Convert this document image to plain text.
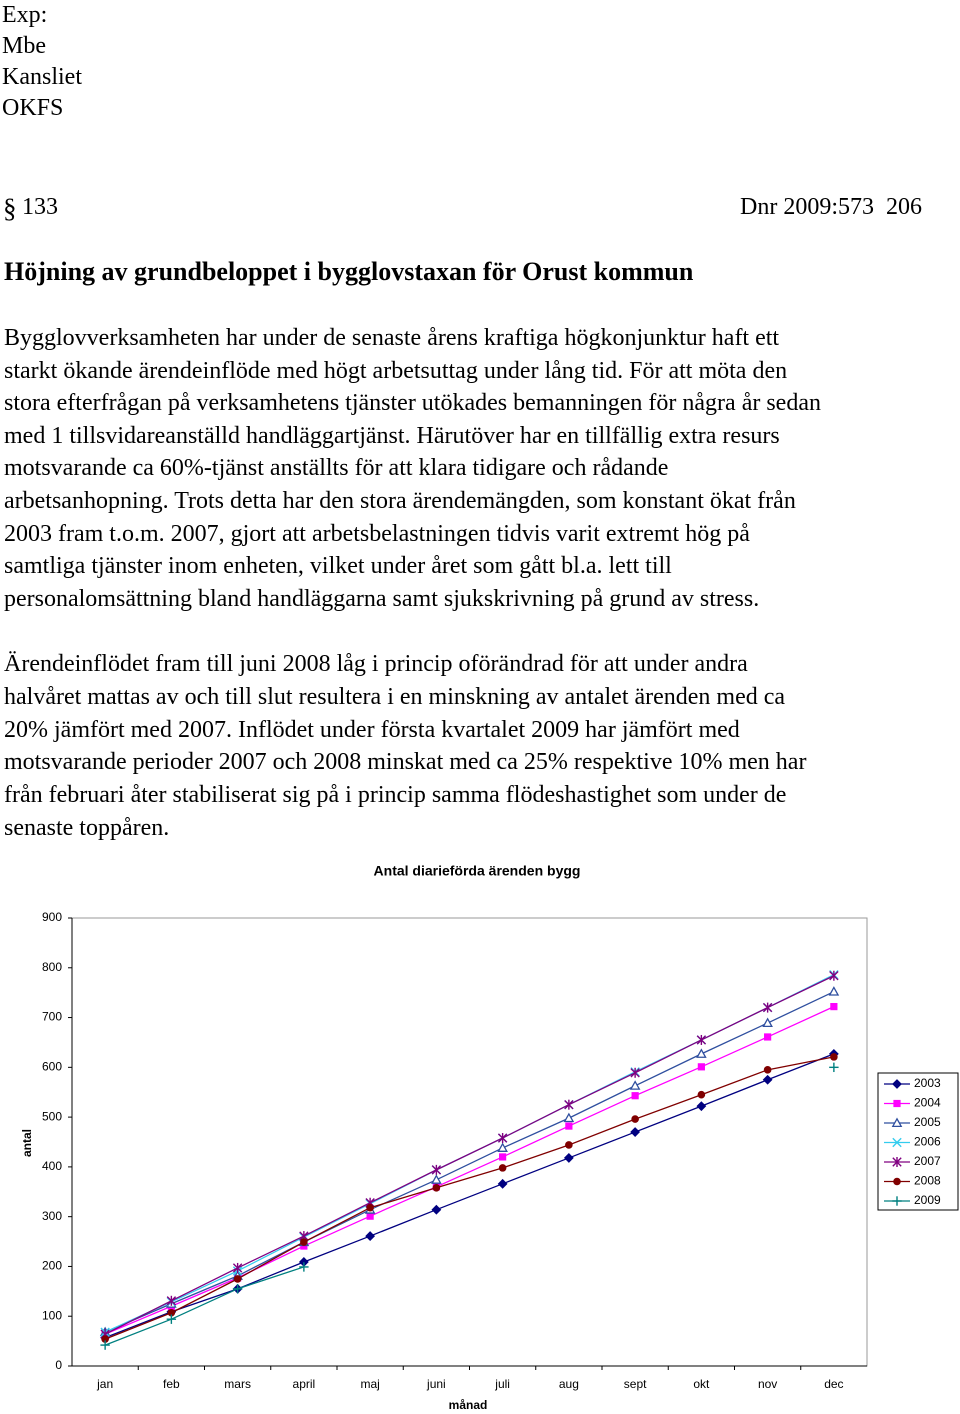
Exp:
Mbe
Kansliet
OKFS
§ 133	Dnr 2009:573 206
Höjning av grundbeloppet i bygglovstaxan för Orust kommun
Bygglovverksamheten har under de senaste årens kraftiga högkonjunktur haft ett
starkt ökande ärendeinflöde med högt arbetsuttag under lång tid. För att möta den
stora efterfrågan på verksamhetens tjänster utökades bemanningen för några år sedan
med 1 tillsvidareanställd handläggartjänst. Härutöver har en tillfällig extra resurs
motsvarande ca 60%-tjänst anställts för att klara tidigare och rådande
arbetsanhopning. Trots detta har den stora ärendemängden, som konstant ökat från
2003 fram t.o.m. 2007, gjort att arbetsbelastningen tidvis varit extremt hög på
samtliga tjänster inom enheten, vilket under året som gått bl.a. lett till
personalomsättning bland handläggarna samt sjukskrivning på grund av stress.
Ärendeinflödet fram till juni 2008 låg i princip oförändrad för att under andra
halvåret mattas av och till slut resultera i en minskning av antalet ärenden med ca
20% jämfört med 2007. Inflödet under första kvartalet 2009 har jämfört med
motsvarande perioder 2007 och 2008 minskat med ca 25% respektive 10% men har
från februari åter stabiliserat sig på i princip samma flödeshastighet som under de
senaste toppåren.
Antal diarieförda ärenden bygg
0
100
200
300
400
500
600
700
800
900
jan	feb	mars	april	maj	juni	juli	aug	sept	okt	nov	dec
månad
antal
2003
2004
2005
2006
2007
2008
2009
